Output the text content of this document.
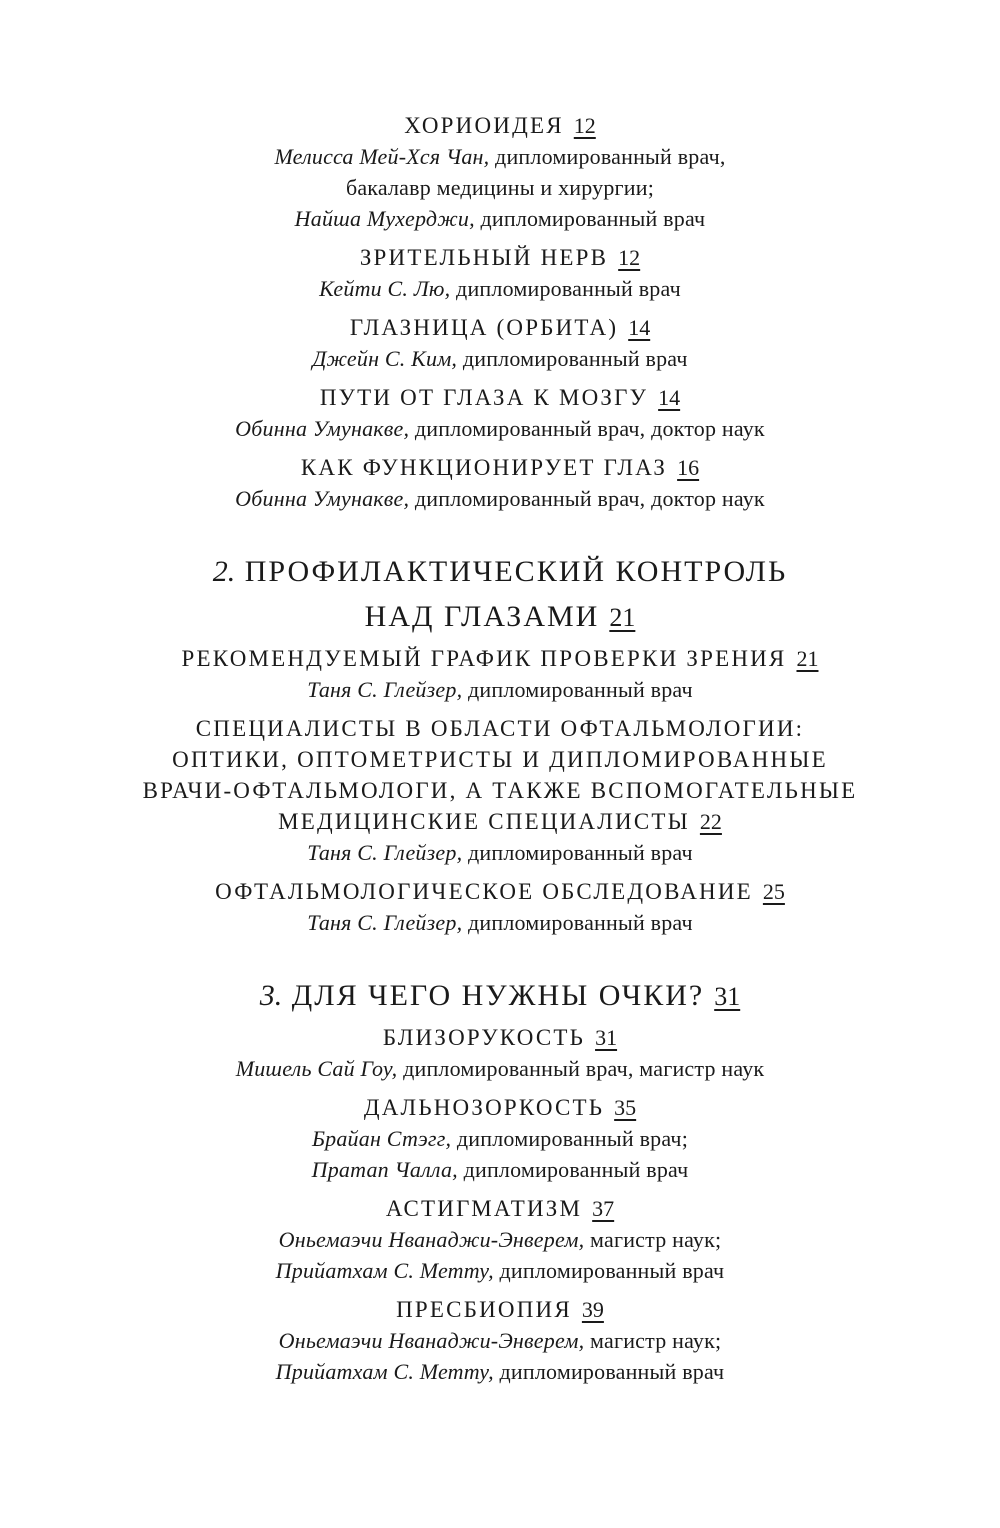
ХОРИОИДЕЯ 12
Мелисса Мей-Хся Чан, дипломированный врач,
бакалавр медицины и хирургии;
Найша Мухерджи, дипломированный врач
ЗРИТЕЛЬНЫЙ НЕРВ 12
Кейти С. Лю, дипломированный врач
ГЛАЗНИЦА (ОРБИТА) 14
Джейн С. Ким, дипломированный врач
ПУТИ ОТ ГЛАЗА К МОЗГУ 14
Обинна Умунакве, дипломированный врач, доктор наук
КАК ФУНКЦИОНИРУЕТ ГЛАЗ 16
Обинна Умунакве, дипломированный врач, доктор наук
2. ПРОФИЛАКТИЧЕСКИЙ КОНТРОЛЬ
НАД ГЛАЗАМИ 21
РЕКОМЕНДУЕМЫЙ ГРАФИК ПРОВЕРКИ ЗРЕНИЯ 21
Таня С. Глейзер, дипломированный врач
СПЕЦИАЛИСТЫ В ОБЛАСТИ ОФТАЛЬМОЛОГИИ:
ОПТИКИ, ОПТОМЕТРИСТЫ И ДИПЛОМИРОВАННЫЕ
ВРАЧИ-ОФТАЛЬМОЛОГИ, А ТАКЖЕ ВСПОМОГАТЕЛЬНЫЕ
МЕДИЦИНСКИЕ СПЕЦИАЛИСТЫ 22
Таня С. Глейзер, дипломированный врач
ОФТАЛЬМОЛОГИЧЕСКОЕ ОБСЛЕДОВАНИЕ 25
Таня С. Глейзер, дипломированный врач
3. ДЛЯ ЧЕГО НУЖНЫ ОЧКИ? 31
БЛИЗОРУКОСТЬ 31
Мишель Сай Гоу, дипломированный врач, магистр наук
ДАЛЬНОЗОРКОСТЬ 35
Брайан Стэгг, дипломированный врач;
Пратап Чалла, дипломированный врач
АСТИГМАТИЗМ 37
Оньемаэчи Нванаджи-Энверем, магистр наук;
Прийатхам С. Метту, дипломированный врач
ПРЕСБИОПИЯ 39
Оньемаэчи Нванаджи-Энверем, магистр наук;
Прийатхам С. Метту, дипломированный врач
